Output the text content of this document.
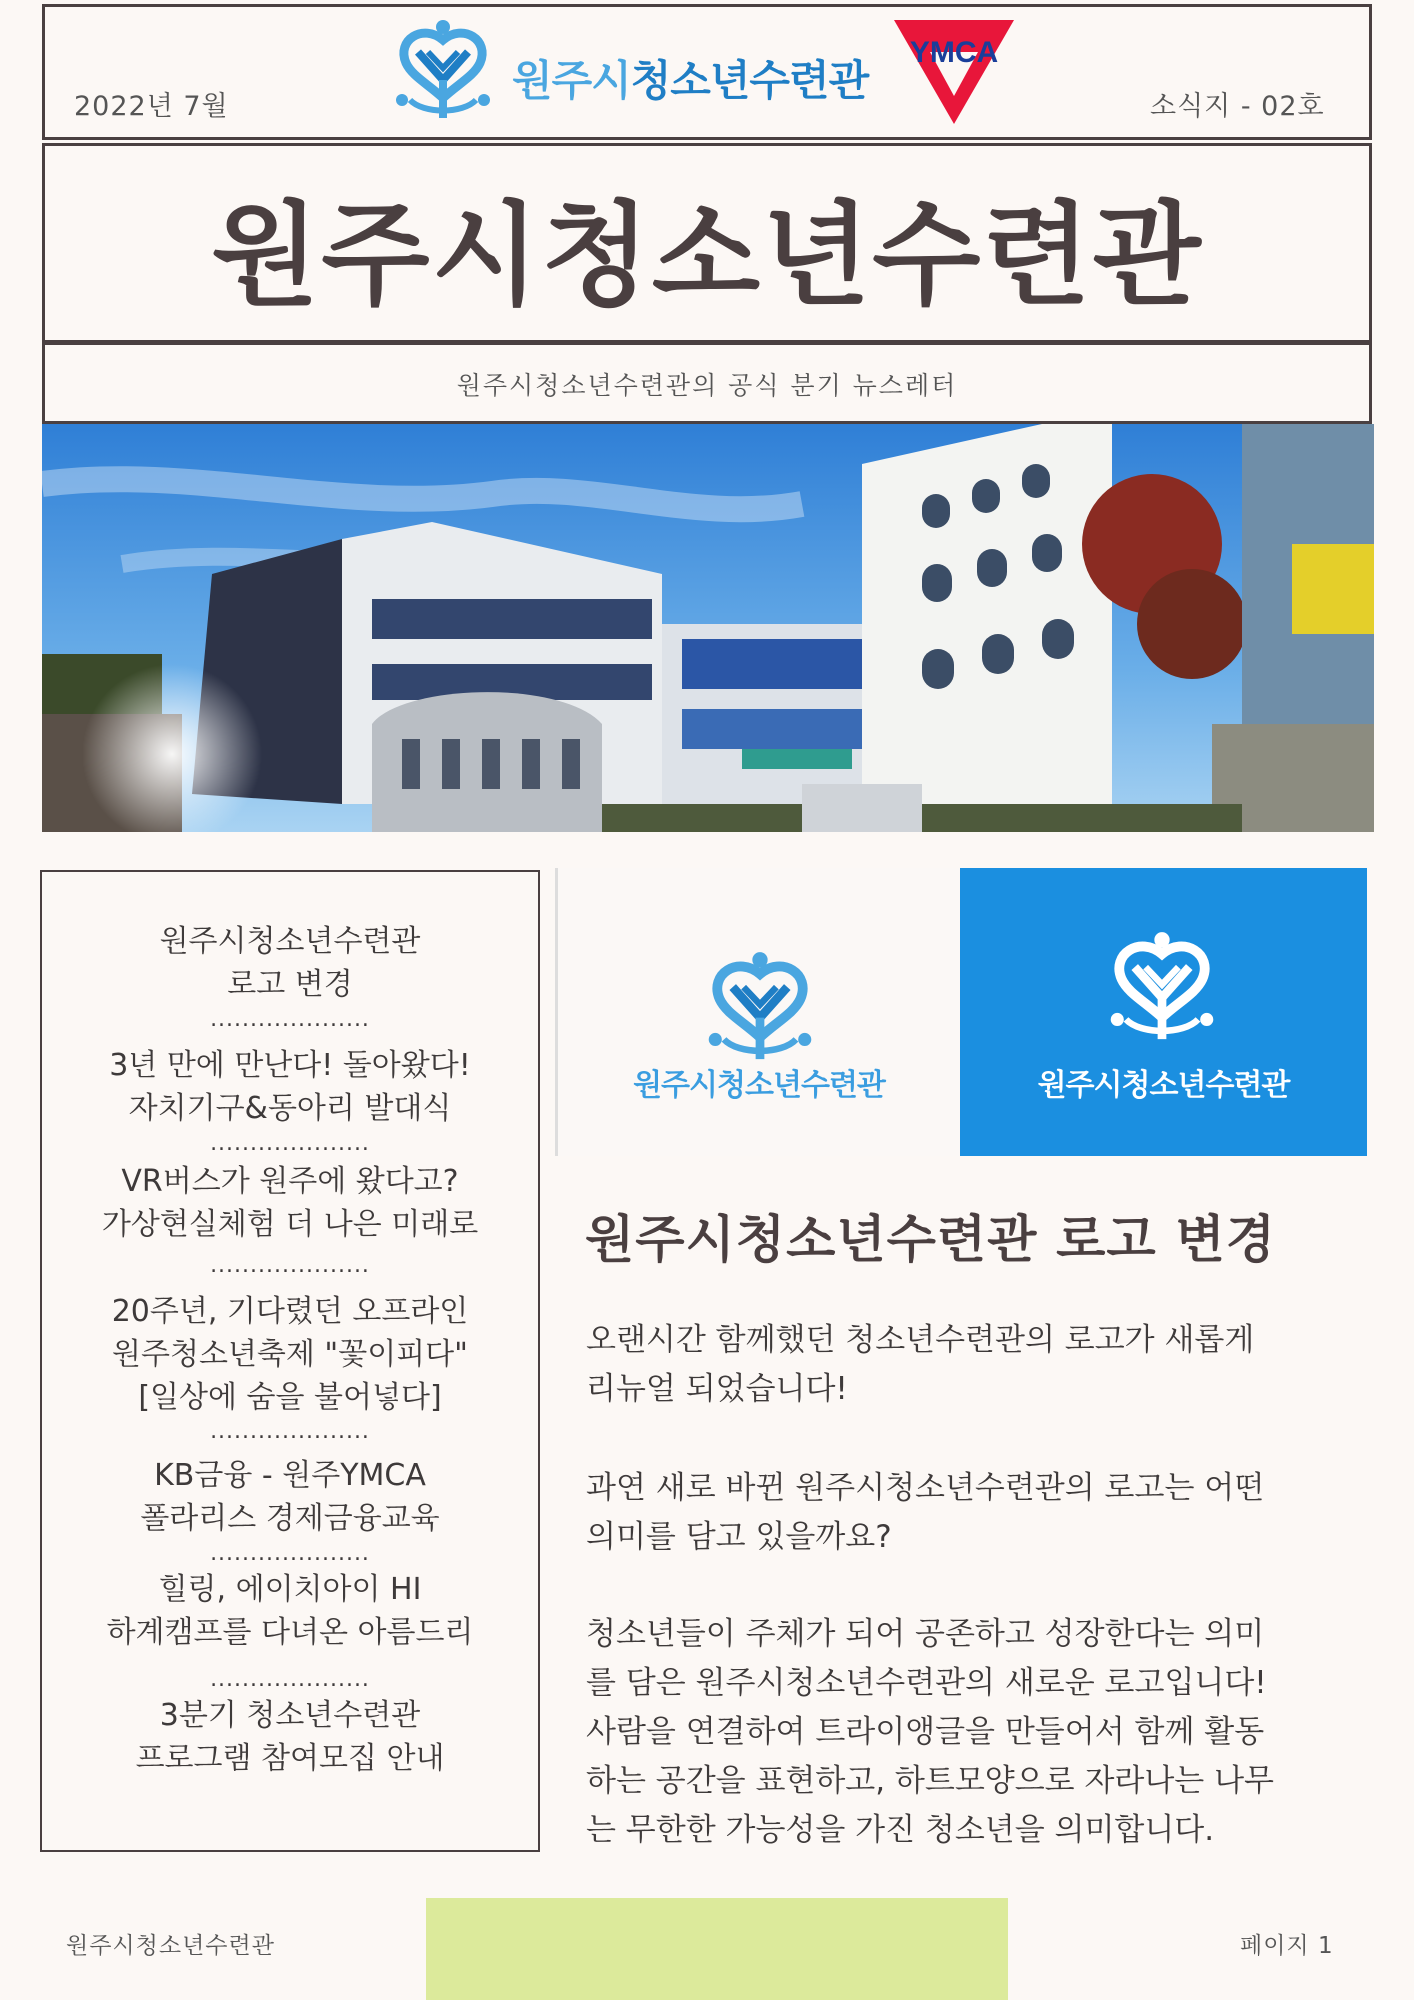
2022년 7월	소식지 - 02호
원주시청소년수련관
YMCA
원주시청소년수련관
원주시청소년수련관의 공식 분기 뉴스레터
원주시청소년수련관
로고 변경
....................
3년 만에 만난다! 돌아왔다!
자치기구&동아리 발대식
....................
VR버스가 원주에 왔다고?
가상현실체험 더 나은 미래로
....................
20주년, 기다렸던 오프라인
원주청소년축제 "꽃이피다"
[일상에 숨을 불어넣다]
....................
KB금융 - 원주YMCA
폴라리스 경제금융교육
....................
힐링, 에이치아이 HI
하계캠프를 다녀온 아름드리
....................
3분기 청소년수련관
프로그램 참여모집 안내
원주시청소년수련관	원주시청소년수련관
원주시청소년수련관 로고 변경
오랜시간 함께했던 청소년수련관의 로고가 새롭게
리뉴얼 되었습니다!
과연 새로 바뀐 원주시청소년수련관의 로고는 어떤
의미를 담고 있을까요?
청소년들이 주체가 되어 공존하고 성장한다는 의미
를 담은 원주시청소년수련관의 새로운 로고입니다!
사람을 연결하여 트라이앵글을 만들어서 함께 활동
하는 공간을 표현하고, 하트모양으로 자라나는 나무
는 무한한 가능성을 가진 청소년을 의미합니다.
원주시청소년수련관	페이지 1
